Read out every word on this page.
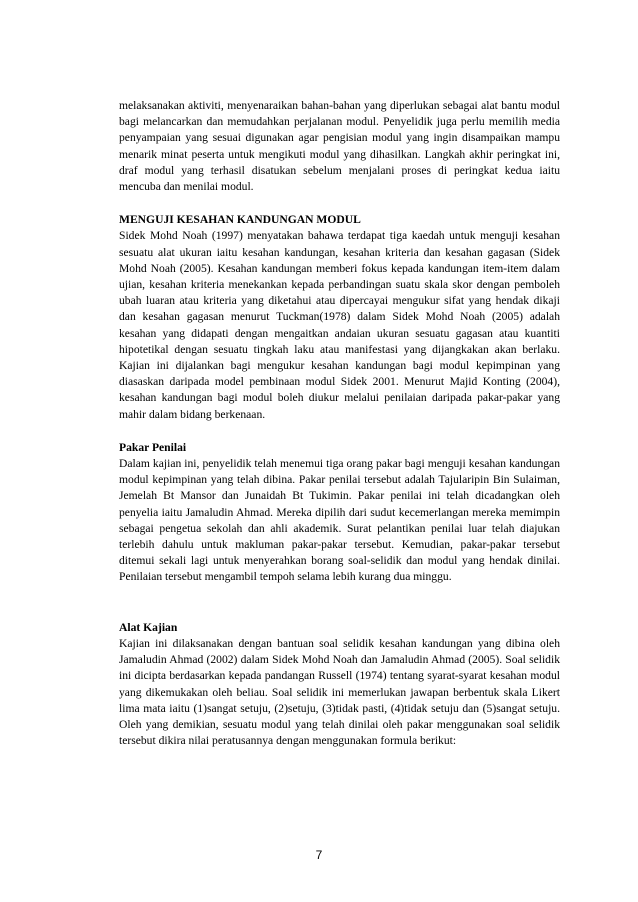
melaksanakan aktiviti, menyenaraikan bahan-bahan yang diperlukan sebagai alat bantu modul bagi melancarkan dan memudahkan perjalanan modul. Penyelidik juga perlu memilih media penyampaian yang sesuai digunakan agar pengisian modul yang ingin disampaikan mampu menarik minat peserta untuk mengikuti modul yang dihasilkan. Langkah akhir peringkat ini, draf modul yang terhasil disatukan sebelum menjalani proses di peringkat kedua iaitu mencuba dan menilai modul.

MENGUJI KESAHAN KANDUNGAN MODUL

Sidek Mohd Noah (1997) menyatakan bahawa terdapat tiga kaedah untuk menguji kesahan sesuatu alat ukuran iaitu kesahan kandungan, kesahan kriteria dan kesahan gagasan (Sidek Mohd Noah (2005). Kesahan kandungan memberi fokus kepada kandungan item-item dalam ujian, kesahan kriteria menekankan kepada perbandingan suatu skala skor dengan pemboleh ubah luaran atau kriteria yang diketahui atau dipercayai mengukur sifat yang hendak dikaji dan kesahan gagasan menurut Tuckman(1978) dalam Sidek Mohd Noah (2005) adalah kesahan yang didapati dengan mengaitkan andaian ukuran sesuatu gagasan atau kuantiti hipotetikal dengan sesuatu tingkah laku atau manifestasi yang dijangkakan akan berlaku. Kajian ini dijalankan bagi mengukur kesahan kandungan bagi modul kepimpinan yang diasaskan daripada model pembinaan modul Sidek 2001. Menurut Majid Konting (2004), kesahan kandungan bagi modul boleh diukur melalui penilaian daripada pakar-pakar yang mahir dalam bidang berkenaan.

Pakar Penilai

Dalam kajian ini, penyelidik telah menemui tiga orang pakar bagi menguji kesahan kandungan modul kepimpinan yang telah dibina. Pakar penilai tersebut adalah Tajularipin Bin Sulaiman, Jemelah Bt Mansor dan Junaidah Bt Tukimin. Pakar penilai ini telah dicadangkan oleh penyelia iaitu Jamaludin Ahmad. Mereka dipilih dari sudut kecemerlangan mereka memimpin sebagai pengetua sekolah dan ahli akademik. Surat pelantikan penilai luar telah diajukan terlebih dahulu untuk makluman pakar-pakar tersebut. Kemudian, pakar-pakar tersebut ditemui sekali lagi untuk menyerahkan borang soal-selidik dan modul yang hendak dinilai. Penilaian tersebut mengambil tempoh selama lebih kurang dua minggu.

Alat Kajian

Kajian ini dilaksanakan dengan bantuan soal selidik kesahan kandungan yang dibina oleh Jamaludin Ahmad (2002) dalam Sidek Mohd Noah dan Jamaludin Ahmad (2005). Soal selidik ini dicipta berdasarkan kepada pandangan Russell (1974) tentang syarat-syarat kesahan modul yang dikemukakan oleh beliau. Soal selidik ini memerlukan jawapan berbentuk skala Likert lima mata iaitu (1)sangat setuju, (2)setuju, (3)tidak pasti, (4)tidak setuju dan (5)sangat setuju. Oleh yang demikian, sesuatu modul yang telah dinilai oleh pakar menggunakan soal selidik tersebut dikira nilai peratusannya dengan menggunakan formula berikut:

7
